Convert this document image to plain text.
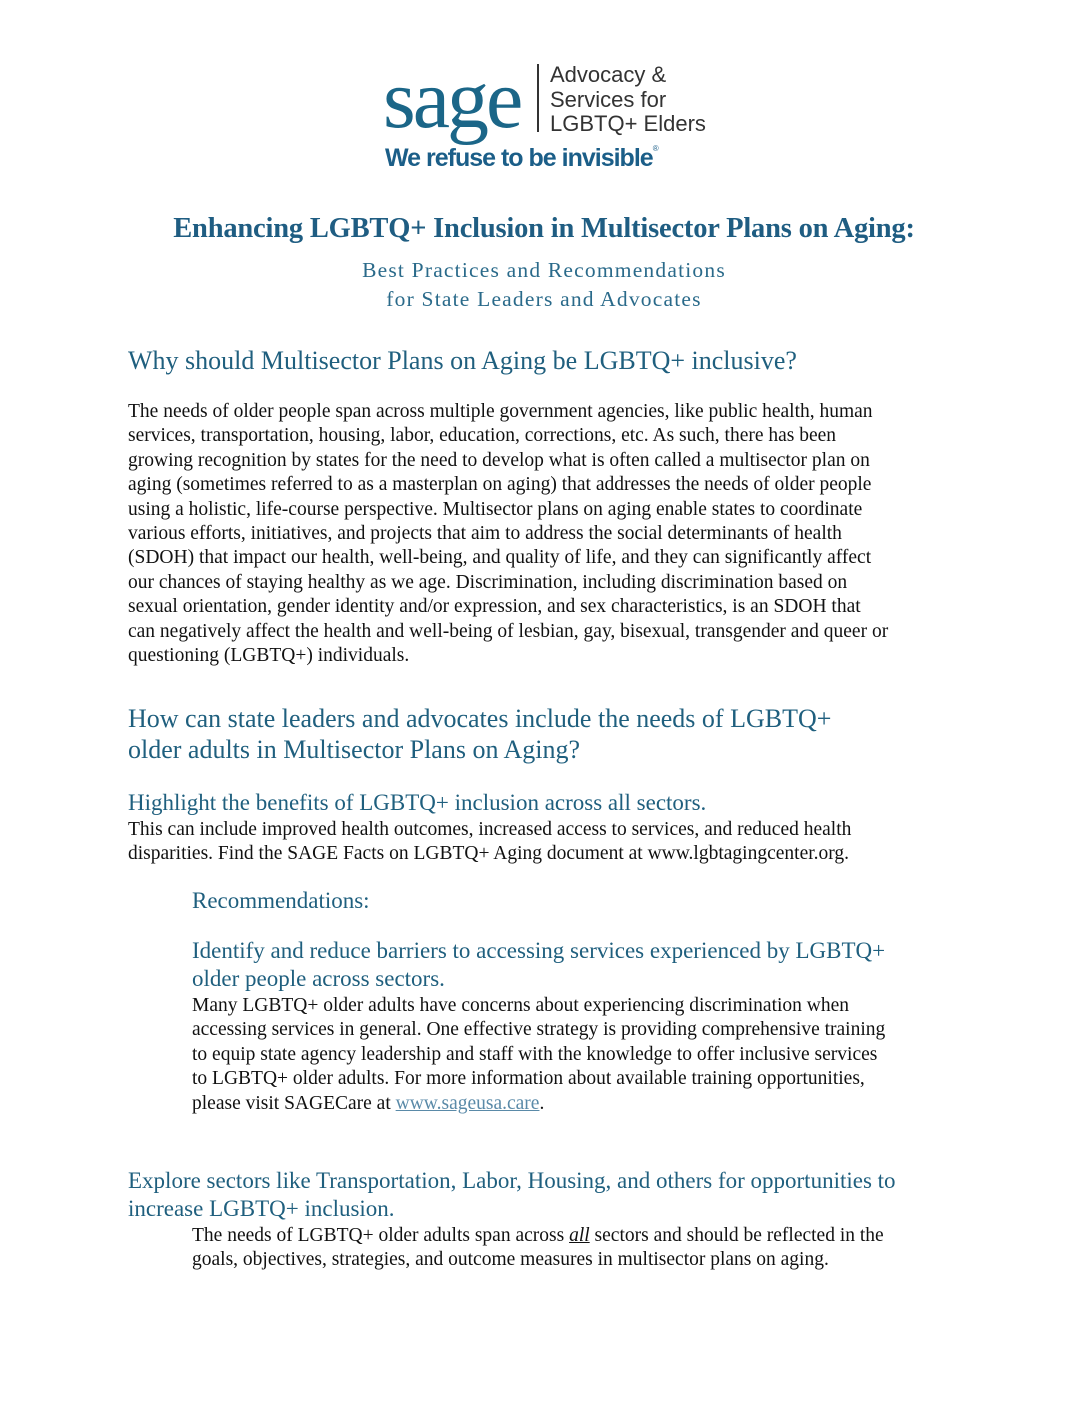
sage Advocacy &
Services for
LGBTQ+ Elders
We refuse to be invisible®
Enhancing LGBTQ+ Inclusion in Multisector Plans on Aging:
Best Practices and Recommendations
for State Leaders and Advocates
Why should Multisector Plans on Aging be LGBTQ+ inclusive?
The needs of older people span across multiple government agencies, like public health, human
services, transportation, housing, labor, education, corrections, etc. As such, there has been
growing recognition by states for the need to develop what is often called a multisector plan on
aging (sometimes referred to as a masterplan on aging) that addresses the needs of older people
using a holistic, life-course perspective. Multisector plans on aging enable states to coordinate
various efforts, initiatives, and projects that aim to address the social determinants of health
(SDOH) that impact our health, well-being, and quality of life, and they can significantly affect
our chances of staying healthy as we age. Discrimination, including discrimination based on
sexual orientation, gender identity and/or expression, and sex characteristics, is an SDOH that
can negatively affect the health and well-being of lesbian, gay, bisexual, transgender and queer or
questioning (LGBTQ+) individuals.
How can state leaders and advocates include the needs of LGBTQ+
older adults in Multisector Plans on Aging?
Highlight the benefits of LGBTQ+ inclusion across all sectors.
This can include improved health outcomes, increased access to services, and reduced health
disparities. Find the SAGE Facts on LGBTQ+ Aging document at www.lgbtagingcenter.org.
Recommendations:
Identify and reduce barriers to accessing services experienced by LGBTQ+
older people across sectors.
Many LGBTQ+ older adults have concerns about experiencing discrimination when
accessing services in general. One effective strategy is providing comprehensive training
to equip state agency leadership and staff with the knowledge to offer inclusive services
to LGBTQ+ older adults. For more information about available training opportunities,
please visit SAGECare at www.sageusa.care.
Explore sectors like Transportation, Labor, Housing, and others for opportunities to
increase LGBTQ+ inclusion.
The needs of LGBTQ+ older adults span across all sectors and should be reflected in the
goals, objectives, strategies, and outcome measures in multisector plans on aging.
